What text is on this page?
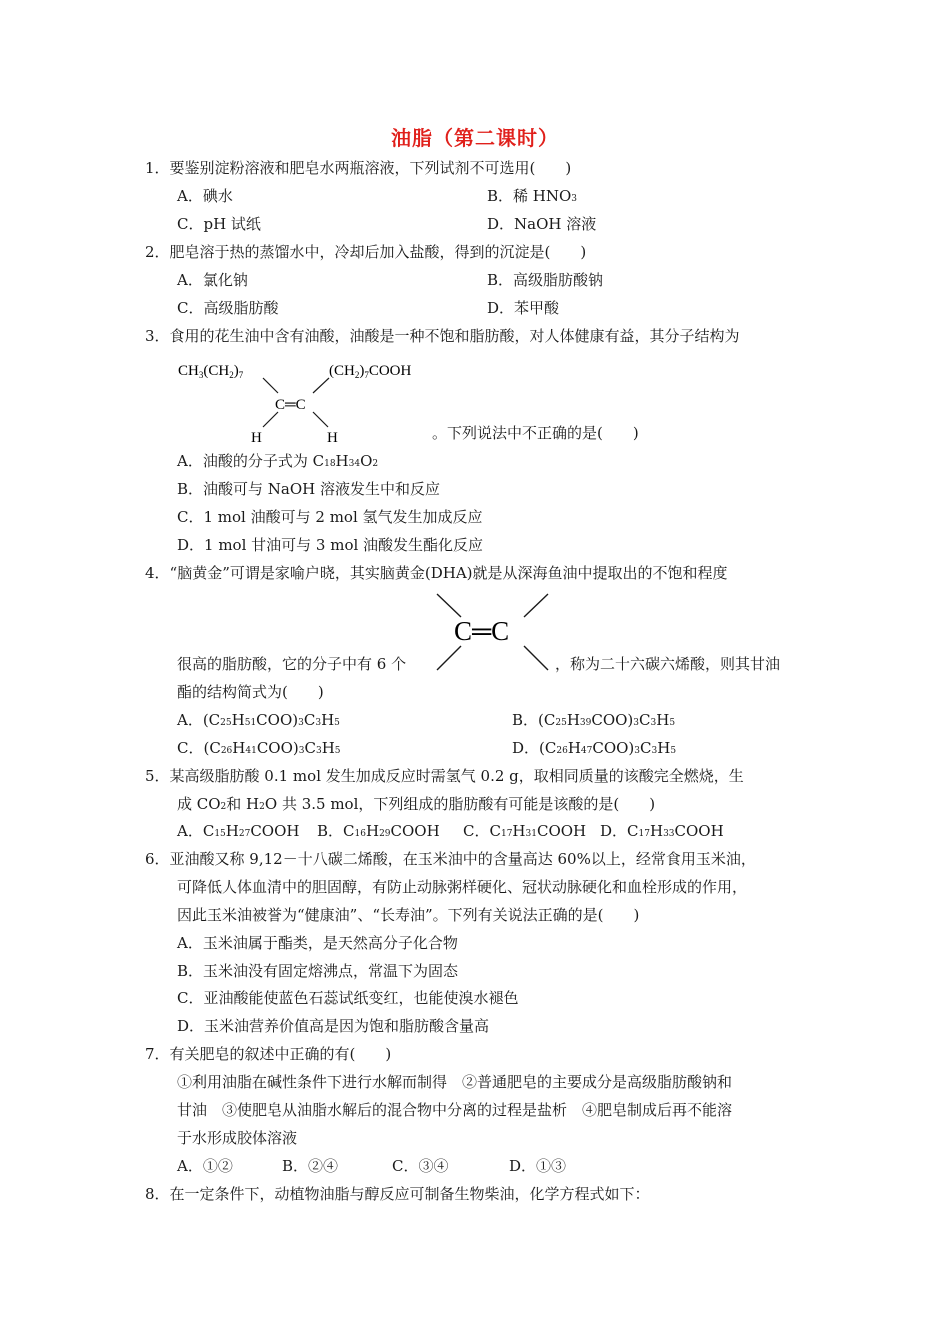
油脂（第二课时）
1．要鉴别淀粉溶液和肥皂水两瓶溶液，下列试剂不可选用(　　)
A．碘水	B．稀 HNO3
C．pH 试纸	D．NaOH 溶液
2．肥皂溶于热的蒸馏水中，冷却后加入盐酸，得到的沉淀是(　　)
A．氯化钠	B．高级脂肪酸钠
C．高级脂肪酸	D．苯甲酸
3．食用的花生油中含有油酸，油酸是一种不饱和脂肪酸，对人体健康有益，其分子结构为
$CH_3(CH_2)_7$	$(CH_2)_7COOH$
C═C
H	H	。下列说法中不正确的是(　　)
A．油酸的分子式为 C18H34O2
B．油酸可与 NaOH 溶液发生中和反应
C．1 mol 油酸可与 2 mol 氢气发生加成反应
D．1 mol 甘油可与 3 mol 油酸发生酯化反应
4．“脑黄金”可谓是家喻户晓，其实脑黄金(DHA)就是从深海鱼油中提取出的不饱和程度
C═C
很高的脂肪酸，它的分子中有 6 个	，称为二十六碳六烯酸，则其甘油
酯的结构简式为(　　)
A．(C25H51COO)3C3H5	B．(C25H39COO)3C3H5
C．(C26H41COO)3C3H5	D．(C26H47COO)3C3H5
5．某高级脂肪酸 0.1 mol 发生加成反应时需氢气 0.2 g，取相同质量的该酸完全燃烧，生
成 CO2和 H2O 共 3.5 mol，下列组成的脂肪酸有可能是该酸的是(　　)
A．C15H27COOH B．C16H29COOH C．C17H31COOH D．C17H33COOH
6．亚油酸又称 9,12－十八碳二烯酸，在玉米油中的含量高达 60%以上，经常食用玉米油，
可降低人体血清中的胆固醇，有防止动脉粥样硬化、冠状动脉硬化和血栓形成的作用，
因此玉米油被誉为“健康油”、“长寿油”。下列有关说法正确的是(　　)
A．玉米油属于酯类，是天然高分子化合物
B．玉米油没有固定熔沸点，常温下为固态
C．亚油酸能使蓝色石蕊试纸变红，也能使溴水褪色
D．玉米油营养价值高是因为饱和脂肪酸含量高
7．有关肥皂的叙述中正确的有(　　)
①利用油脂在碱性条件下进行水解而制得　②普通肥皂的主要成分是高级脂肪酸钠和
甘油　③使肥皂从油脂水解后的混合物中分离的过程是盐析　④肥皂制成后再不能溶
于水形成胶体溶液
A．①②	B．②④	C．③④	D．①③
8．在一定条件下，动植物油脂与醇反应可制备生物柴油，化学方程式如下：
